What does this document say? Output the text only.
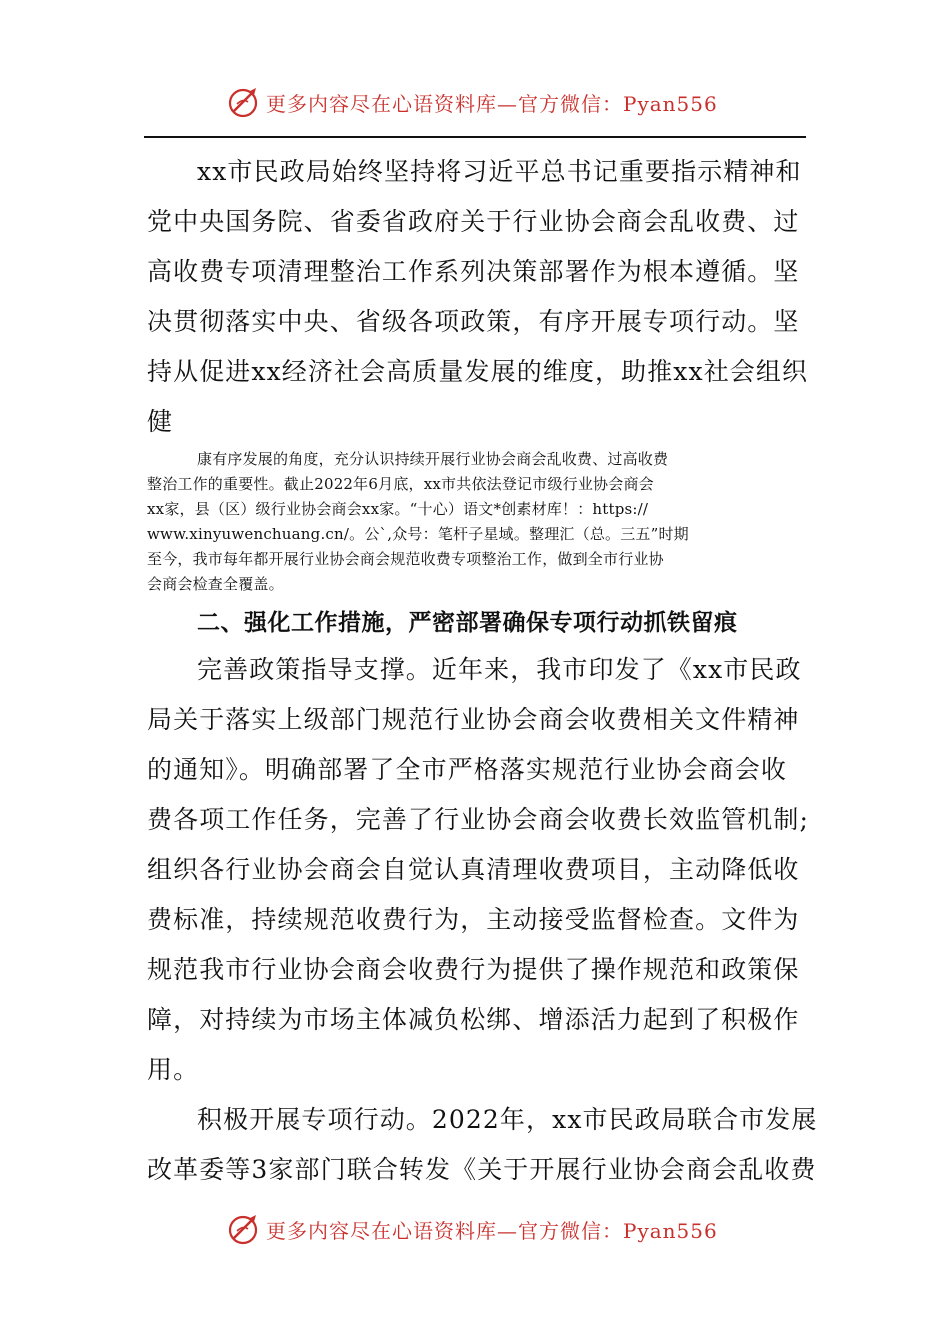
更多内容尽在心语资料库—官方微信：Pyan556
xx市民政局始终坚持将习近平总书记重要指示精神和
党中央国务院、省委省政府关于行业协会商会乱收费、过
高收费专项清理整治工作系列决策部署作为根本遵循。坚
决贯彻落实中央、省级各项政策，有序开展专项行动。坚
持从促进xx经济社会高质量发展的维度，助推xx社会组织
健
康有序发展的角度，充分认识持续开展行业协会商会乱收费、过高收费
整治工作的重要性。截止2022年6月底，xx市共依法登记市级行业协会商会
xx家，县（区）级行业协会商会xx家。“十心）语文*创素材库！：https://
www.xinyuwenchuang.cn/。公`,众号：笔杆子星域。整理汇（总。三五”时期
至今，我市每年都开展行业协会商会规范收费专项整治工作，做到全市行业协
会商会检查全覆盖。
二、强化工作措施，严密部署确保专项行动抓铁留痕
完善政策指导支撑。近年来，我市印发了《xx市民政
局关于落实上级部门规范行业协会商会收费相关文件精神
的通知》。明确部署了全市严格落实规范行业协会商会收
费各项工作任务，完善了行业协会商会收费长效监管机制;
组织各行业协会商会自觉认真清理收费项目，主动降低收
费标准，持续规范收费行为，主动接受监督检查。文件为
规范我市行业协会商会收费行为提供了操作规范和政策保
障，对持续为市场主体减负松绑、增添活力起到了积极作
用。
积极开展专项行动。2022年，xx市民政局联合市发展
改革委等3家部门联合转发《关于开展行业协会商会乱收费
更多内容尽在心语资料库—官方微信：Pyan556
